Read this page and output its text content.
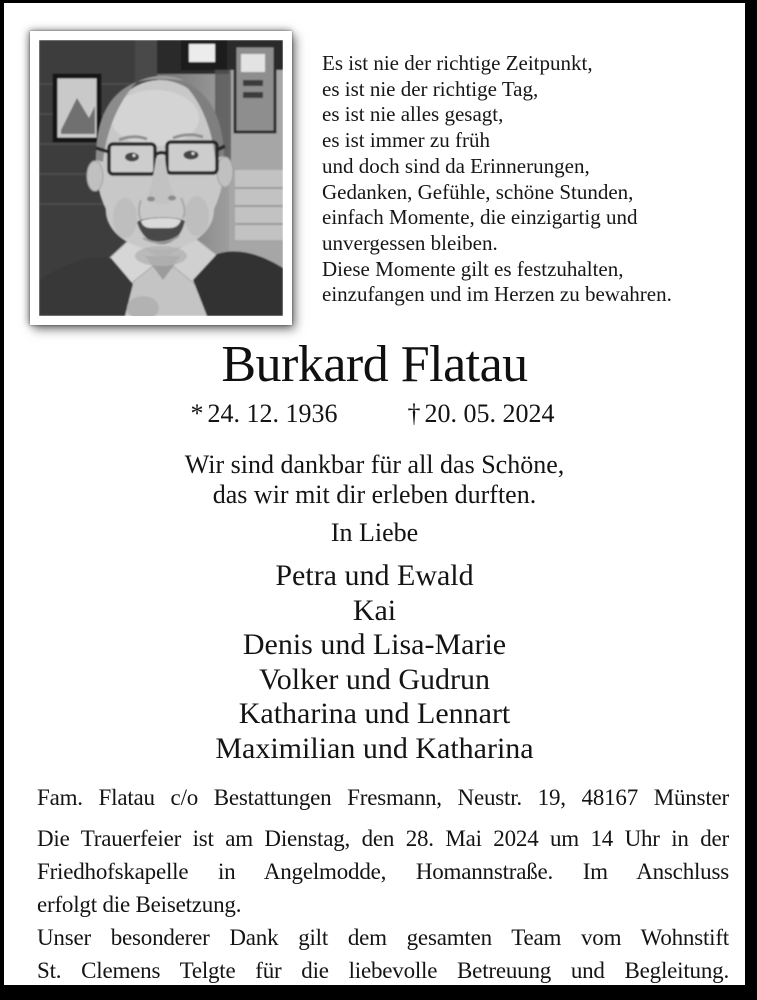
Es ist nie der richtige Zeitpunkt,
es ist nie der richtige Tag,
es ist nie alles gesagt,
es ist immer zu früh
und doch sind da Erinnerungen,
Gedanken, Gefühle, schöne Stunden,
einfach Momente, die einzigartig und
unvergessen bleiben.
Diese Momente gilt es festzuhalten,
einzufangen und im Herzen zu bewahren.
Burkard Flatau
* 24. 12. 1936	† 20. 05. 2024
Wir sind dankbar für all das Schöne,
das wir mit dir erleben durften.
In Liebe
Petra und Ewald
Kai
Denis und Lisa-Marie
Volker und Gudrun
Katharina und Lennart
Maximilian und Katharina
Fam. Flatau c/o Bestattungen Fresmann, Neustr. 19, 48167 Münster
Die Trauerfeier ist am Dienstag, den 28. Mai 2024 um 14 Uhr in der
Friedhofskapelle in Angelmodde, Homannstraße. Im Anschluss
erfolgt die Beisetzung.
Unser besonderer Dank gilt dem gesamten Team vom Wohnstift
St. Clemens Telgte für die liebevolle Betreuung und Begleitung.
